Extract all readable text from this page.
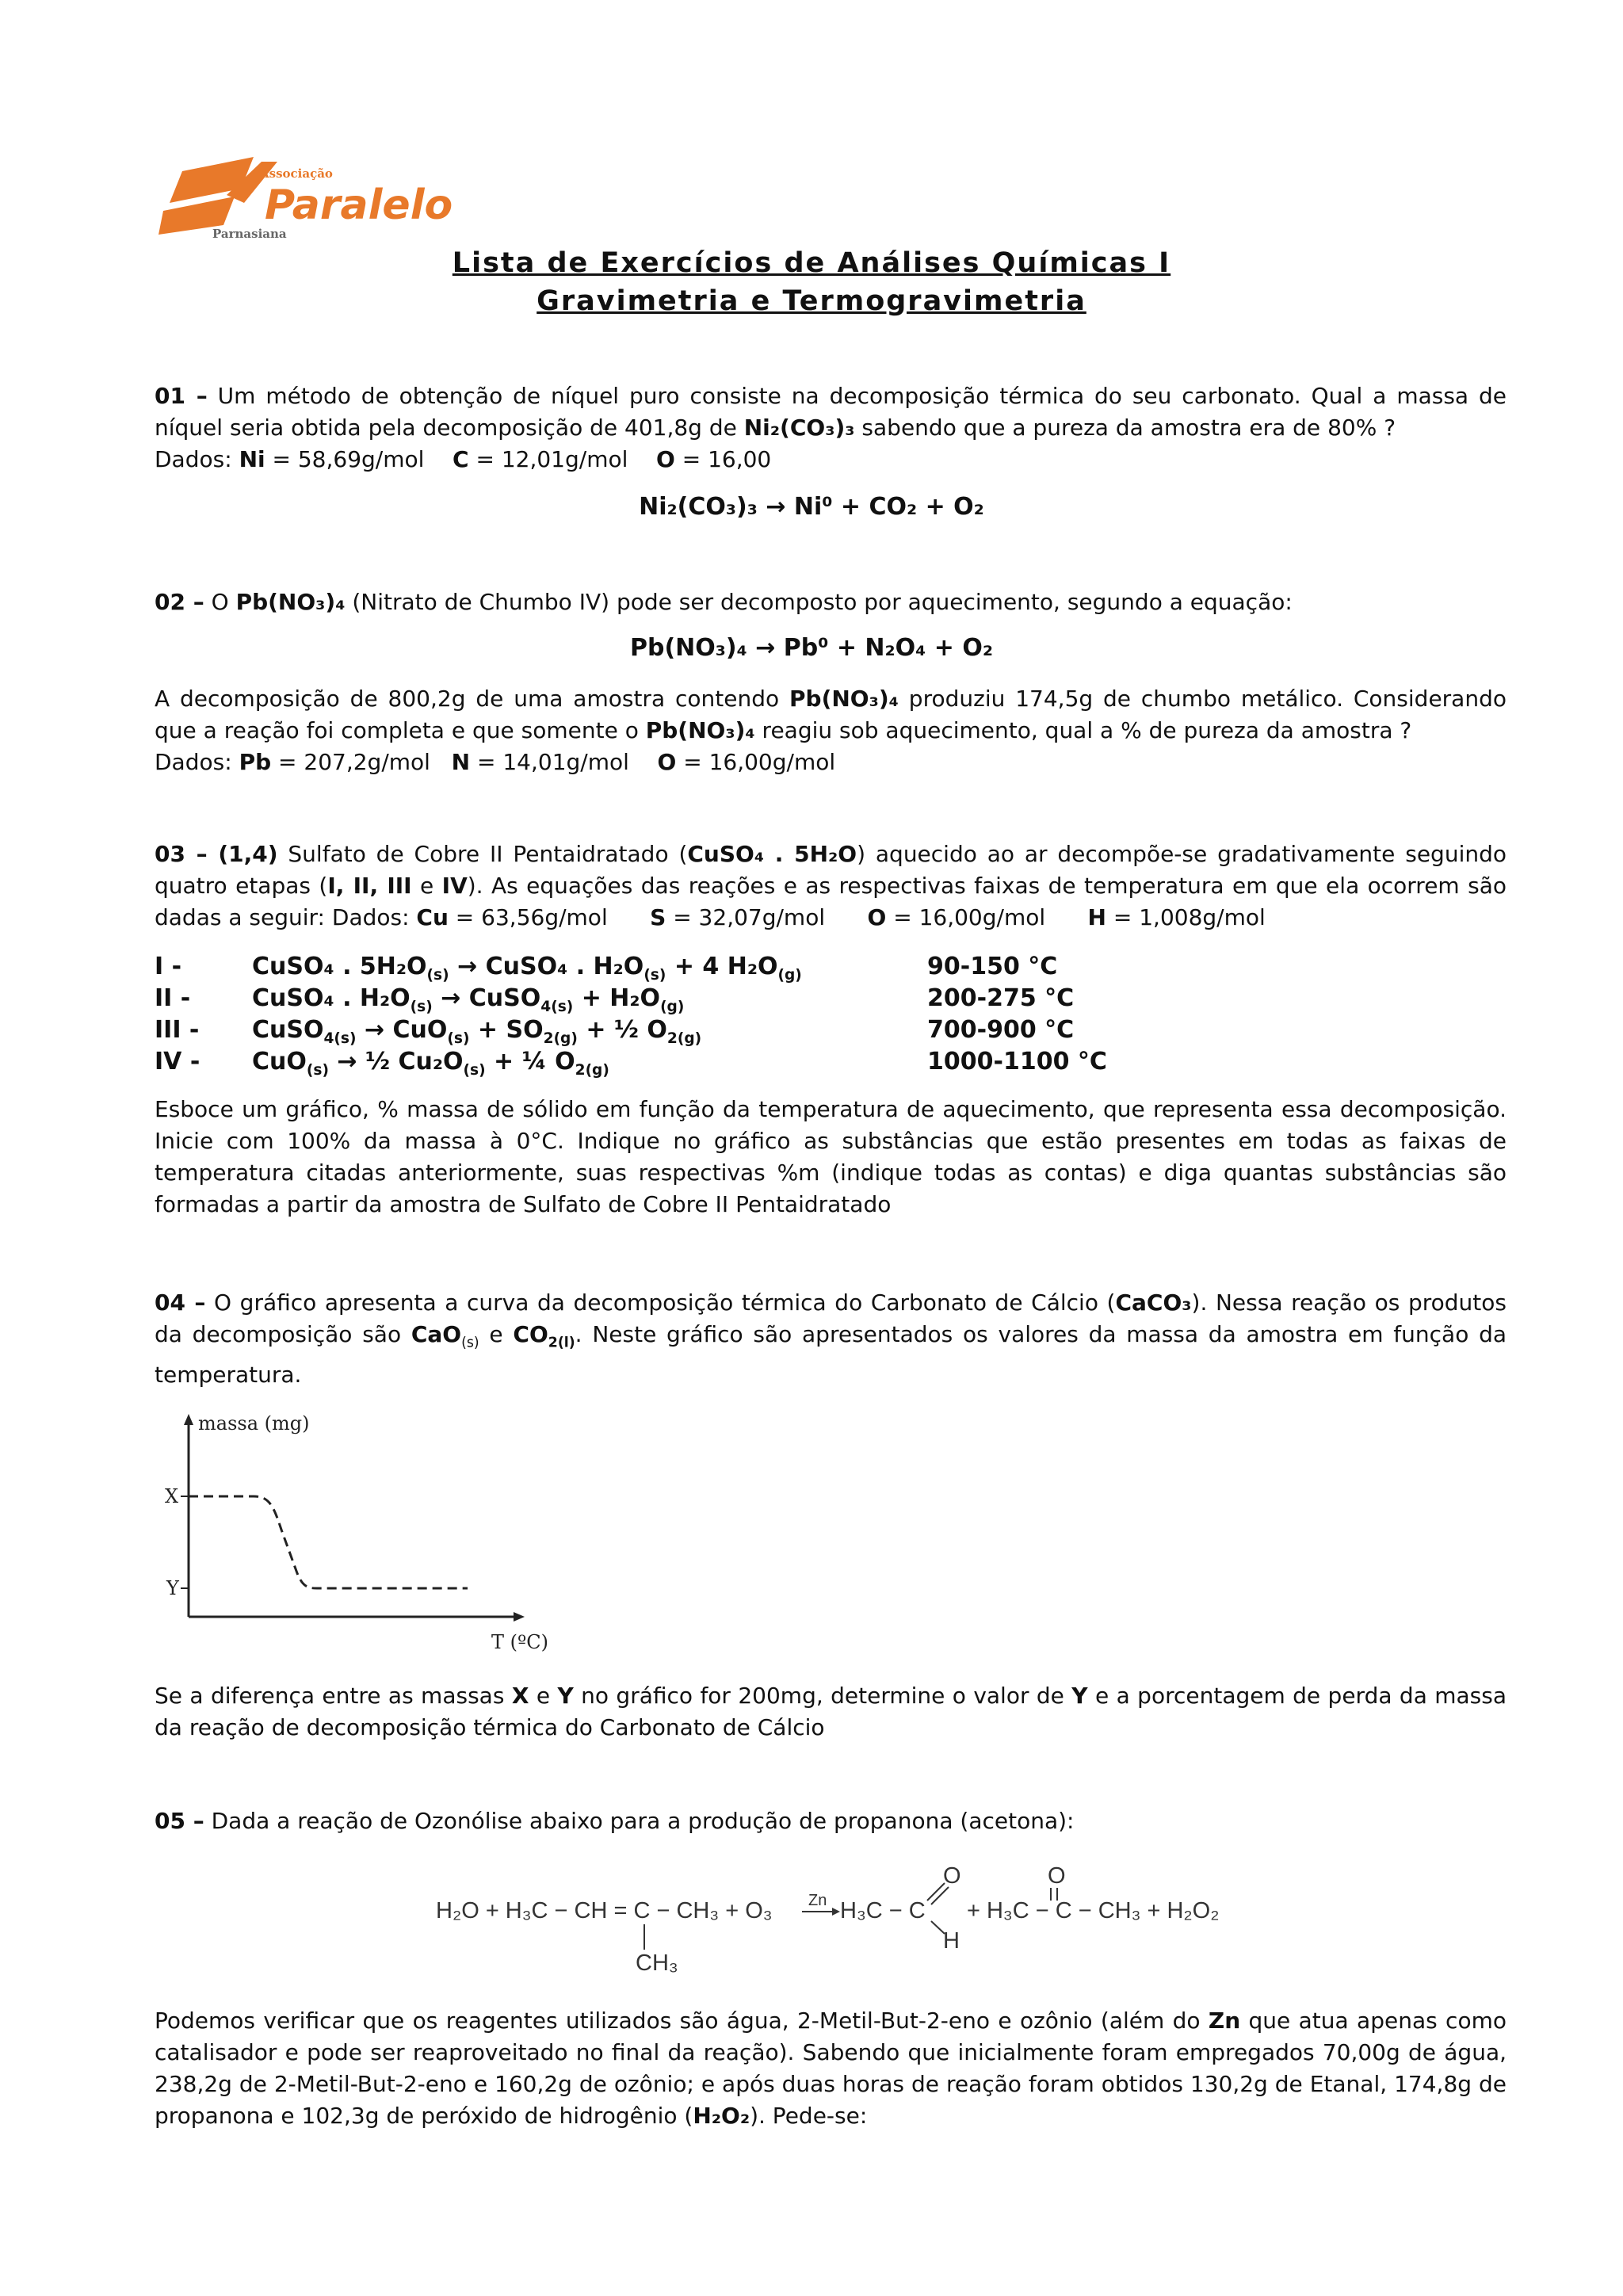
Associação
Paralelo
Parnasiana
Lista de Exercícios de Análises Químicas I
Gravimetria e Termogravimetria
01 – Um método de obtenção de níquel puro consiste na decomposição térmica do seu carbonato. Qual a massa de níquel seria obtida pela decomposição de 401,8g de Ni₂(CO₃)₃ sabendo que a pureza da amostra era de 80% ?
Dados: Ni = 58,69g/mol C = 12,01g/mol O = 16,00
Ni₂(CO₃)₃ → Ni⁰ + CO₂ + O₂
02 – O Pb(NO₃)₄ (Nitrato de Chumbo IV) pode ser decomposto por aquecimento, segundo a equação:
Pb(NO₃)₄ → Pb⁰ + N₂O₄ + O₂
A decomposição de 800,2g de uma amostra contendo Pb(NO₃)₄ produziu 174,5g de chumbo metálico. Considerando que a reação foi completa e que somente o Pb(NO₃)₄ reagiu sob aquecimento, qual a % de pureza da amostra ?
Dados: Pb = 207,2g/mol N = 14,01g/mol O = 16,00g/mol
03 – (1,4) Sulfato de Cobre II Pentaidratado (CuSO₄ . 5H₂O) aquecido ao ar decompõe-se gradativamente seguindo quatro etapas (I, II, III e IV). As equações das reações e as respectivas faixas de temperatura em que ela ocorrem são dadas a seguir: Dados: Cu = 63,56g/mol S = 32,07g/mol O = 16,00g/mol H = 1,008g/mol
I -	CuSO₄ . $5H_2O_{(s)}$ → CuSO₄ . $H_2O_{(s)} + 4$ $H_2O_{(g)}$	90-150 °C
II -	CuSO₄ . $H_2O_{(s)}$ → CuSO$_{4(s)}$ + $H_2O_{(g)}$	200-275 °C
III - CuSO$_{4(s)}$ → $CuO_{(s)} + SO_{2(g)}$ + ½ $O_{2(g)}$	700-900 °C
IV - CuO$_{(s)}$ → ½ $Cu_2O_{(s)}$ + ¼ $O_{2(g)}$	1000-1100 °C
Esboce um gráfico, % massa de sólido em função da temperatura de aquecimento, que representa essa decomposição. Inicie com 100% da massa à 0°C. Indique no gráfico as substâncias que estão presentes em todas as faixas de temperatura citadas anteriormente, suas respectivas %m (indique todas as contas) e diga quantas substâncias são formadas a partir da amostra de Sulfato de Cobre II Pentaidratado
04 – O gráfico apresenta a curva da decomposição térmica do Carbonato de Cálcio (CaCO₃). Nessa reação os produtos da decomposição são CaO$_{(s)}$ e $CO_{2(l)}$. Neste gráfico são apresentados os valores da massa da amostra em função da temperatura.
massa (mg)
T (ºC)
X
Y
Se a diferença entre as massas X e Y no gráfico for 200mg, determine o valor de Y e a porcentagem de perda da massa da reação de decomposição térmica do Carbonato de Cálcio
05 – Dada a reação de Ozonólise abaixo para a produção de propanona (acetona):
H₂O + H₃C − CH = C − CH₃ + O₃ Zn
CH₃
H₃C − C
O
H
+ H₃C − C − CH₃ + H₂O₂
O
Podemos verificar que os reagentes utilizados são água, 2-Metil-But-2-eno e ozônio (além do Zn que atua apenas como catalisador e pode ser reaproveitado no final da reação). Sabendo que inicialmente foram empregados 70,00g de água, 238,2g de 2-Metil-But-2-eno e 160,2g de ozônio; e após duas horas de reação foram obtidos 130,2g de Etanal, 174,8g de propanona e 102,3g de peróxido de hidrogênio (H₂O₂). Pede-se:
